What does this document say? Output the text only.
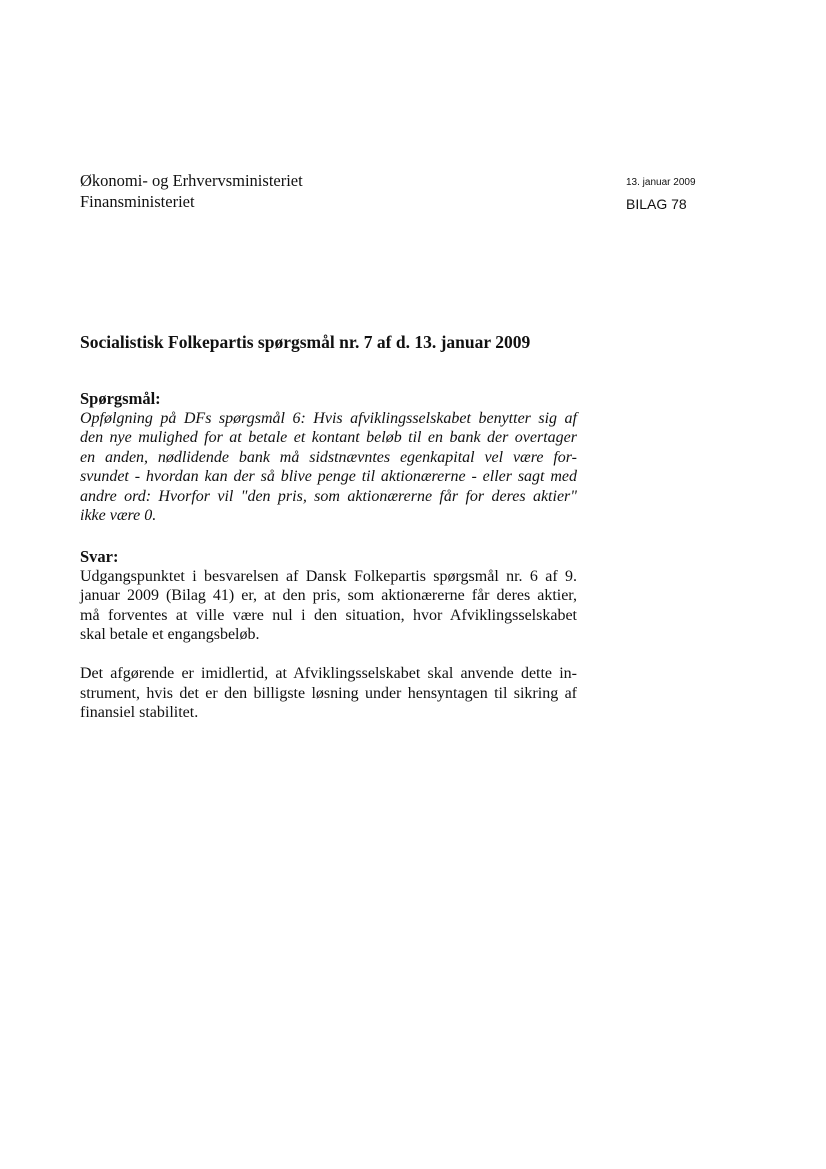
Økonomi- og Erhvervsministeriet
Finansministeriet
13. januar 2009
BILAG 78
Socialistisk Folkepartis spørgsmål nr. 7 af d. 13. januar 2009
Spørgsmål:
Opfølgning på DFs spørgsmål 6: Hvis afviklingsselskabet benytter sig af
den nye mulighed for at betale et kontant beløb til en bank der overtager
en anden, nødlidende bank må sidstnævntes egenkapital vel være for-
svundet - hvordan kan der så blive penge til aktionærerne - eller sagt med
andre ord: Hvorfor vil "den pris, som aktionærerne får for deres aktier"
ikke være 0.
Svar:
Udgangspunktet i besvarelsen af Dansk Folkepartis spørgsmål nr. 6 af 9.
januar 2009 (Bilag 41) er, at den pris, som aktionærerne får deres aktier,
må forventes at ville være nul i den situation, hvor Afviklingsselskabet
skal betale et engangsbeløb.
Det afgørende er imidlertid, at Afviklingsselskabet skal anvende dette in-
strument, hvis det er den billigste løsning under hensyntagen til sikring af
finansiel stabilitet.
